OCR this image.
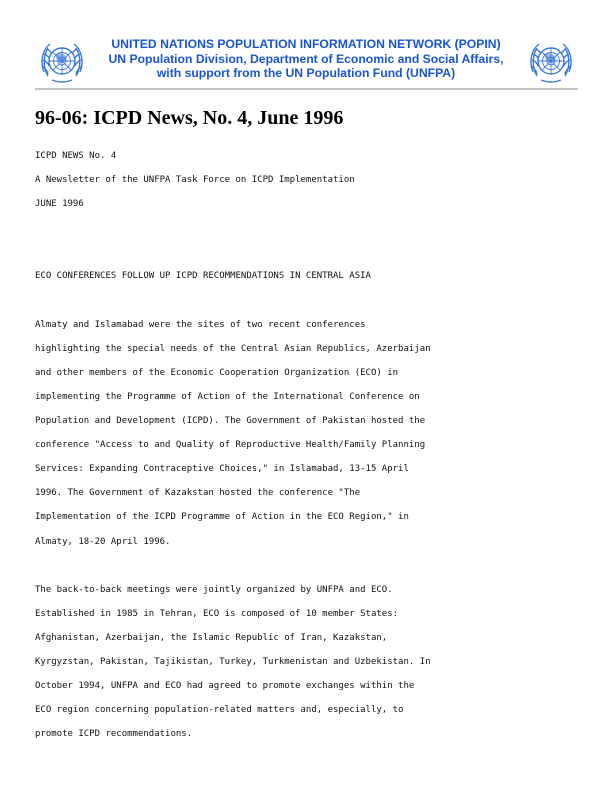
UNITED NATIONS POPULATION INFORMATION NETWORK (POPIN)
UN Population Division, Department of Economic and Social Affairs,
with support from the UN Population Fund (UNFPA)
96-06: ICPD News, No. 4, June 1996
ICPD NEWS No. 4
A Newsletter of the UNFPA Task Force on ICPD Implementation
JUNE 1996
ECO CONFERENCES FOLLOW UP ICPD RECOMMENDATIONS IN CENTRAL ASIA
Almaty and Islamabad were the sites of two recent conferences
highlighting the special needs of the Central Asian Republics, Azerbaijan
and other members of the Economic Cooperation Organization (ECO) in
implementing the Programme of Action of the International Conference on
Population and Development (ICPD). The Government of Pakistan hosted the
conference "Access to and Quality of Reproductive Health/Family Planning
Services: Expanding Contraceptive Choices," in Islamabad, 13-15 April
1996. The Government of Kazakstan hosted the conference "The
Implementation of the ICPD Programme of Action in the ECO Region," in
Almaty, 18-20 April 1996.
The back-to-back meetings were jointly organized by UNFPA and ECO.
Established in 1985 in Tehran, ECO is composed of 10 member States:
Afghanistan, Azerbaijan, the Islamic Republic of Iran, Kazakstan,
Kyrgyzstan, Pakistan, Tajikistan, Turkey, Turkmenistan and Uzbekistan. In
October 1994, UNFPA and ECO had agreed to promote exchanges within the
ECO region concerning population-related matters and, especially, to
promote ICPD recommendations.
